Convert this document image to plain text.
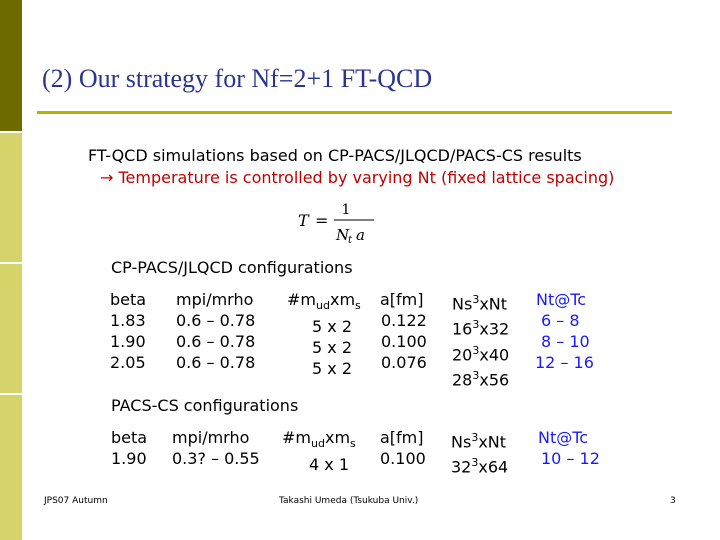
(2) Our strategy for Nf=2+1 FT-QCD
FT-QCD simulations based on CP-PACS/JLQCD/PACS-CS results
→ Temperature is controlled by varying Nt (fixed lattice spacing)
T =
1
N
t a
CP-PACS/JLQCD configurations
beta
1.83
1.90
2.05
mpi/mrho
0.6 – 0.78
0.6 – 0.78
0.6 – 0.78
$\#m_{ud}xm_s$
5 x 2
5 x 2
5 x 2
a[fm]
0.122
0.100
0.076
Ns$^3$xNt
$16^3x32$
$20^3x40$
$28^3x56$
Nt@Tc
6 – 8
8 – 10
12 – 16
PACS-CS configurations
beta
1.90
mpi/mrho
0.3? – 0.55
$\#m_{ud}xm_s$
4 x 1
a[fm]
0.100
Ns$^3$xNt
$32^3x64$
Nt@Tc
10 – 12
JPS07 Autumn	Takashi Umeda (Tsukuba Univ.)	3
